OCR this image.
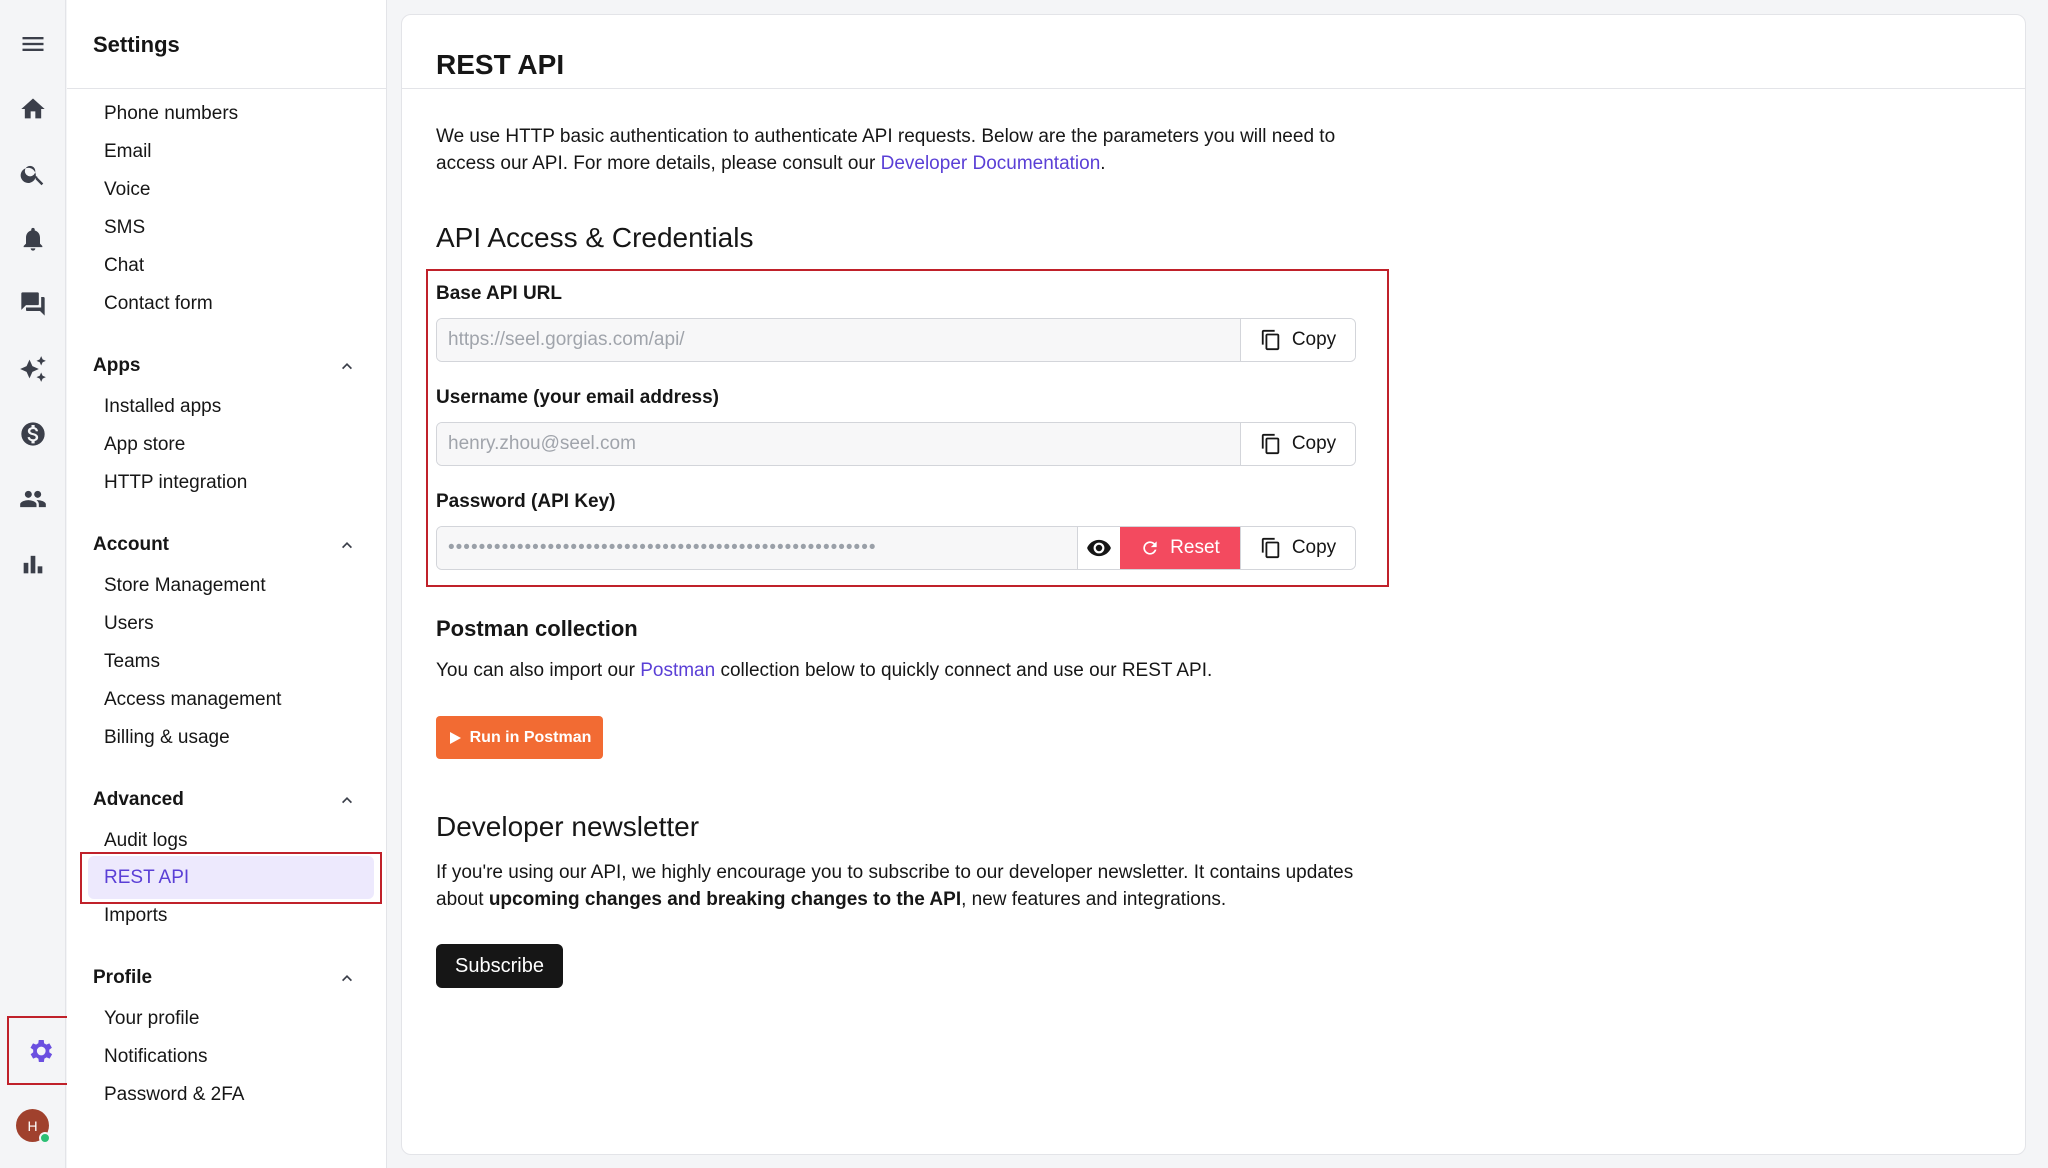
H
Settings
Phone numbers
Email
Voice
SMS
Chat
Contact form
Apps
Installed apps
App store
HTTP integration
Account
Store Management
Users
Teams
Access management
Billing & usage
Advanced
Audit logs
REST API
Imports
Profile
Your profile
Notifications
Password & 2FA
REST API
We use HTTP basic authentication to authenticate API requests. Below are the parameters you will need to access our API. For more details, please consult our Developer Documentation.
API Access & Credentials
Base API URL
https://seel.gorgias.com/api/
Copy
Username (your email address)
henry.zhou@seel.com
Copy
Password (API Key)
••••••••••••••••••••••••••••••••••••••••••••••••••••••••
Reset	Copy
Postman collection
You can also import our Postman collection below to quickly connect and use our REST API.
Run in Postman
Developer newsletter
If you're using our API, we highly encourage you to subscribe to our developer newsletter. It contains updates about upcoming changes and breaking changes to the API, new features and integrations.
Subscribe
